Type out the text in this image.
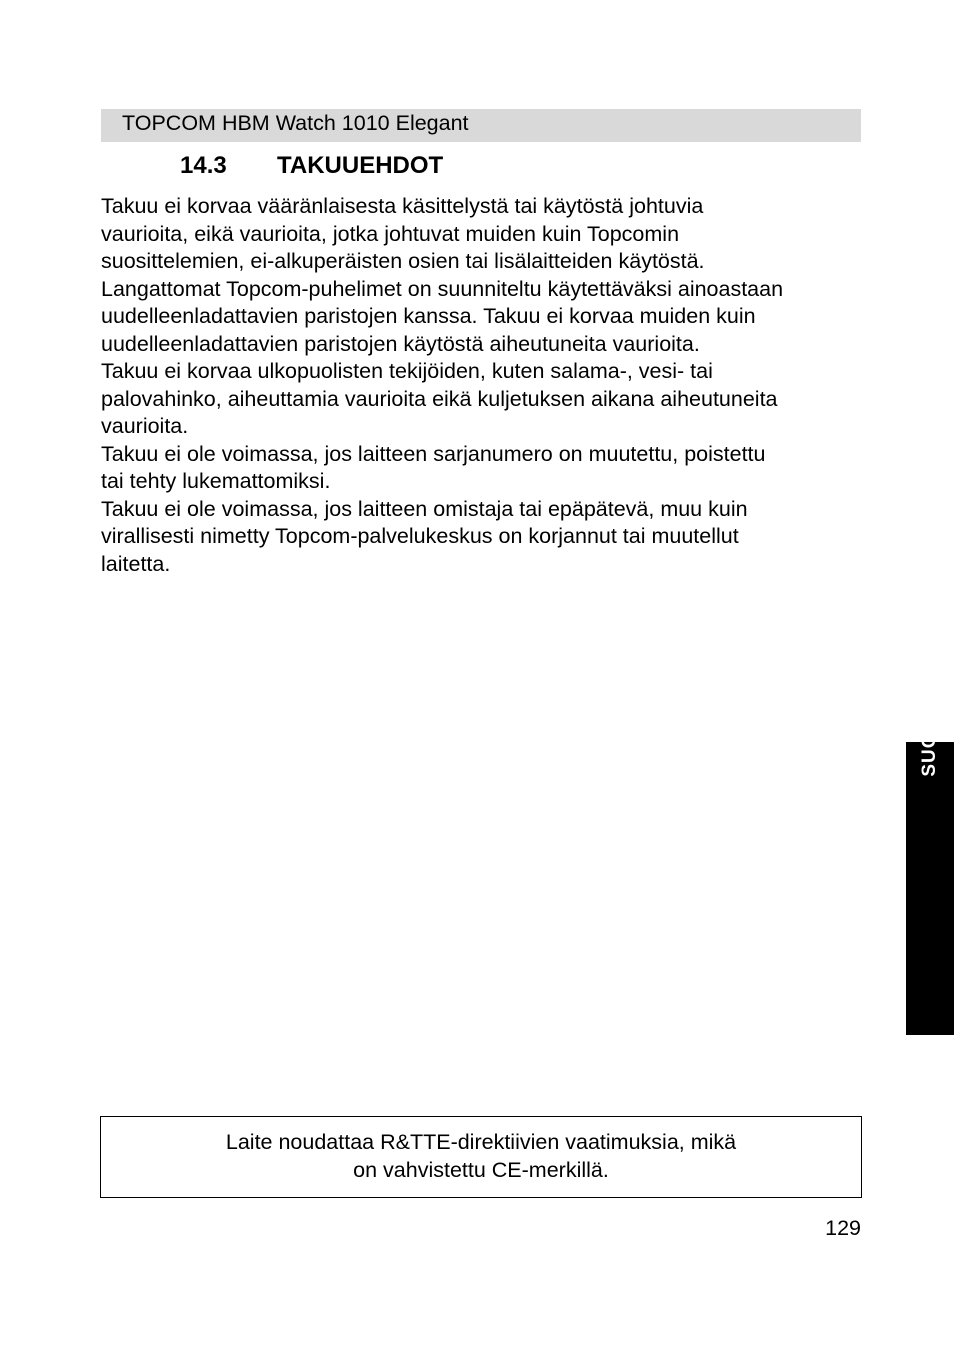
TOPCOM HBM Watch 1010 Elegant
14.3 TAKUUEHDOT

Takuu ei korvaa vääränlaisesta käsittelystä tai käytöstä johtuvia

vaurioita, eikä vaurioita, jotka johtuvat muiden kuin Topcomin

suosittelemien, ei-alkuperäisten osien tai lisälaitteiden käytöstä.

Langattomat Topcom-puhelimet on suunniteltu käytettäväksi ainoastaan

uudelleenladattavien paristojen kanssa. Takuu ei korvaa muiden kuin

uudelleenladattavien paristojen käytöstä aiheutuneita vaurioita.

Takuu ei korvaa ulkopuolisten tekijöiden, kuten salama-, vesi- tai

palovahinko, aiheuttamia vaurioita eikä kuljetuksen aikana aiheutuneita

vaurioita.

Takuu ei ole voimassa, jos laitteen sarjanumero on muutettu, poistettu

tai tehty lukemattomiksi.

Takuu ei ole voimassa, jos laitteen omistaja tai epäpätevä, muu kuin

virallisesti nimetty Topcom-palvelukeskus on korjannut tai muutellut

laitetta.

SUOMI
Laite noudattaa R&TTE-direktiivien vaatimuksia, mikä
on vahvistettu CE-merkillä.
129
